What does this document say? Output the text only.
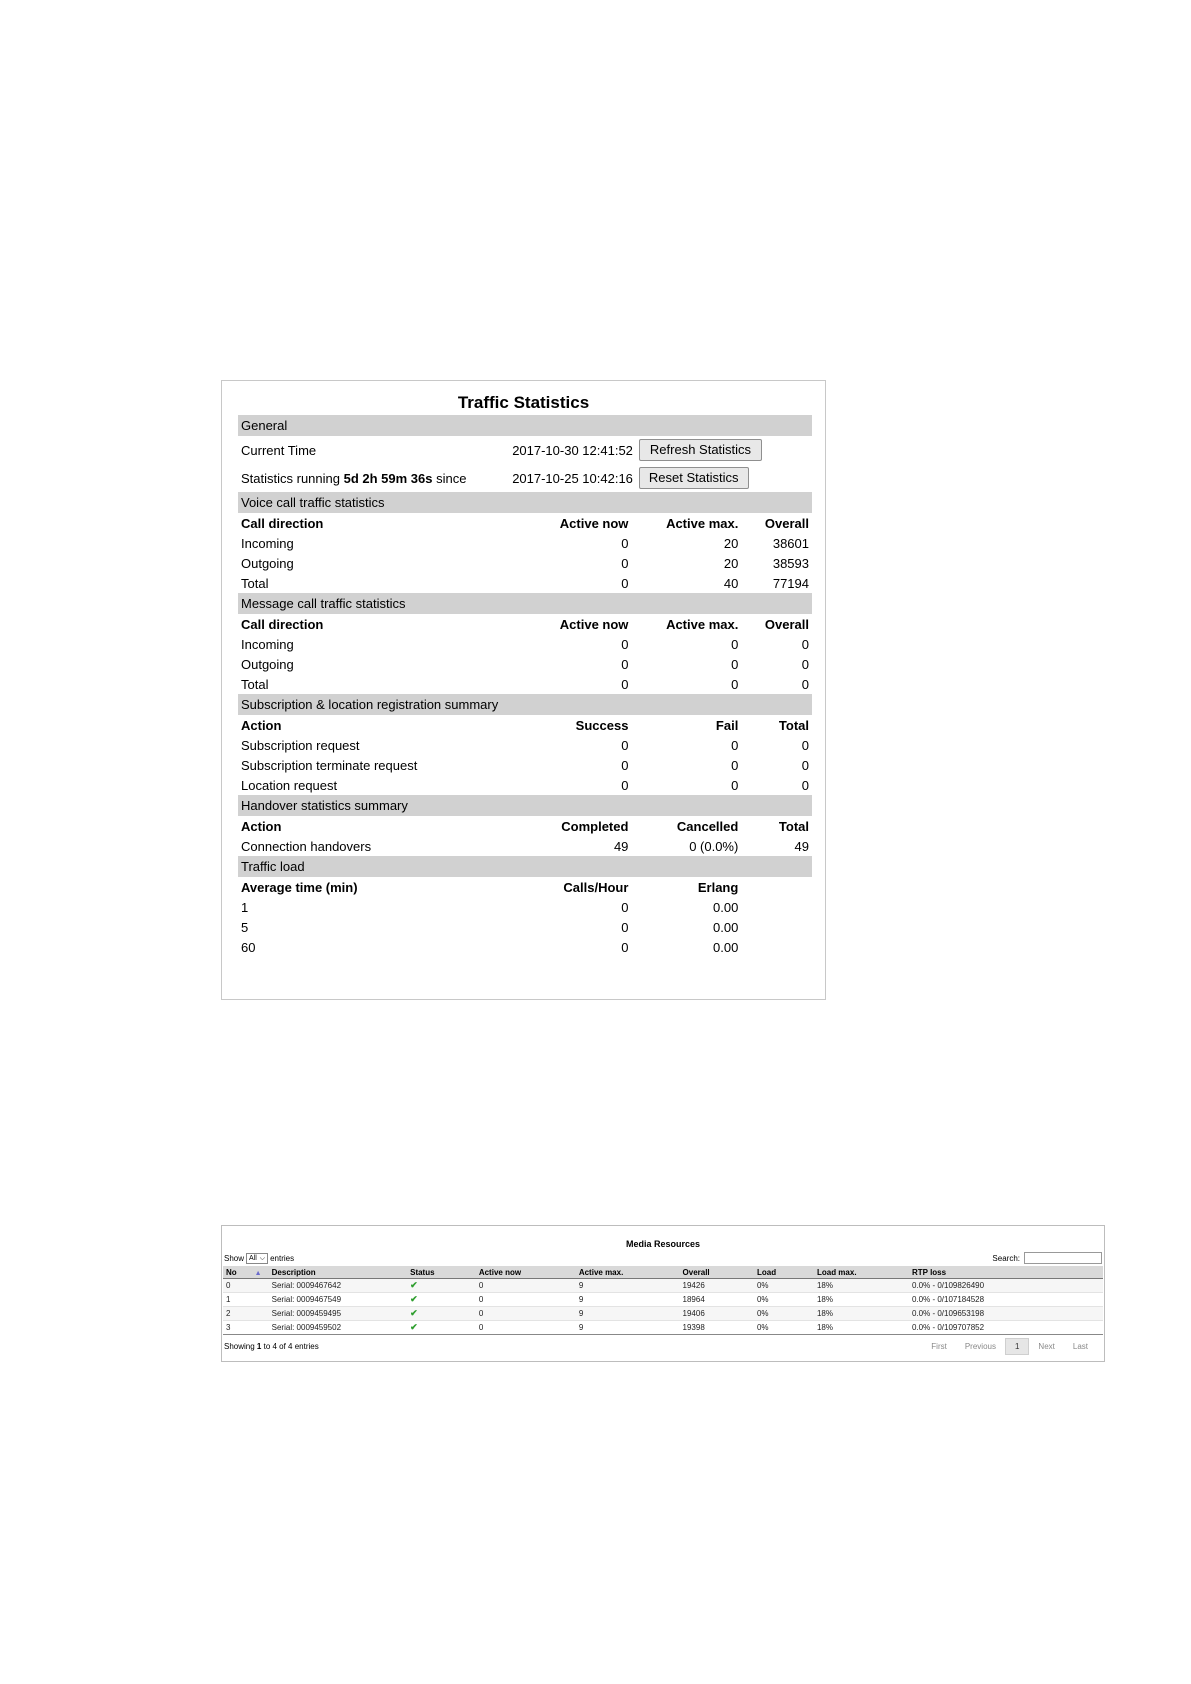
Traffic Statistics
General			
Current Time	2017-10-30 12:41:52 Refresh Statistics		

Statistics running 5d 2h 59m 36s since	2017-10-25 10:42:16 Reset Statistics		

Voice call traffic statistics			
Call direction	Active now	Active max.	Overall
Incoming	0	20	38601
Outgoing	0	20	38593
Total	0	40	77194
Message call traffic statistics			
Call direction	Active now	Active max.	Overall
Incoming	0	0	0
Outgoing	0	0	0
Total	0	0	0
Subscription & location registration summary			
Action	Success	Fail	Total
Subscription request	0	0	0
Subscription terminate request	0	0	0
Location request	0	0	0
Handover statistics summary			
Action	Completed	Cancelled	Total
Connection handovers	49	0 (0.0%)	49
Traffic load			
Average time (min)	Calls/Hour	Erlang	
1	0	0.00	
5	0	0.00	
60	0	0.00	
Media Resources
Show All ⌵ entries	Search:
No ▲	Description	Status	Active now	Active max.	Overall	Load	Load max.	RTP loss
0	Serial: 0009467642	✔	0	9	19426	0%	18%	0.0% - 0/109826490
1	Serial: 0009467549	✔	0	9	18964	0%	18%	0.0% - 0/107184528
2	Serial: 0009459495	✔	0	9	19406	0%	18%	0.0% - 0/109653198
3	Serial: 0009459502	✔	0	9	19398	0%	18%	0.0% - 0/109707852
Showing 1 to 4 of 4 entries	First	Previous	1	Next	Last
